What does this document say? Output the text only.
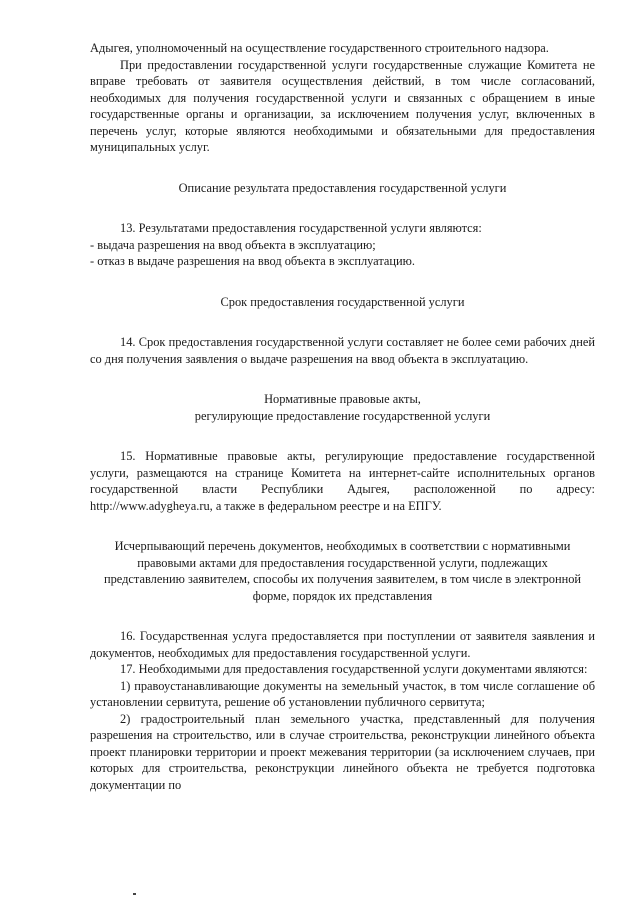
Адыгея, уполномоченный на осуществление государственного строительного надзора.

При предоставлении государственной услуги государственные служащие Комитета не вправе требовать от заявителя осуществления действий, в том числе согласований, необходимых для получения государственной услуги и связанных с обращением в иные государственные органы и организации, за исключением получения услуг, включенных в перечень услуг, которые являются необходимыми и обязательными для предоставления муниципальных услуг.

Описание результата предоставления государственной услуги

13. Результатами предоставления государственной услуги являются:

- выдача разрешения на ввод объекта в эксплуатацию;

- отказ в выдаче разрешения на ввод объекта в эксплуатацию.

Срок предоставления государственной услуги

14. Срок предоставления государственной услуги составляет не более семи рабочих дней со дня получения заявления о выдаче разрешения на ввод объекта в эксплуатацию.

Нормативные правовые акты,

регулирующие предоставление государственной услуги

15. Нормативные правовые акты, регулирующие предоставление государственной услуги, размещаются на странице Комитета на интернет-сайте исполнительных органов государственной власти Республики Адыгея, расположенной по адресу: http://www.adygheya.ru, а также в федеральном реестре и на ЕПГУ.

Исчерпывающий перечень документов, необходимых в соответствии с нормативными правовыми актами для предоставления государственной услуги, подлежащих представлению заявителем, способы их получения заявителем, в том числе в электронной форме, порядок их представления

16. Государственная услуга предоставляется при поступлении от заявителя заявления и документов, необходимых для предоставления государственной услуги.

17. Необходимыми для предоставления государственной услуги документами являются:

1) правоустанавливающие документы на земельный участок, в том числе соглашение об установлении сервитута, решение об установлении публичного сервитута;

2) градостроительный план земельного участка, представленный для получения разрешения на строительство, или в случае строительства, реконструкции линейного объекта проект планировки территории и проект межевания территории (за исключением случаев, при которых для строительства, реконструкции линейного объекта не требуется подготовка документации по
